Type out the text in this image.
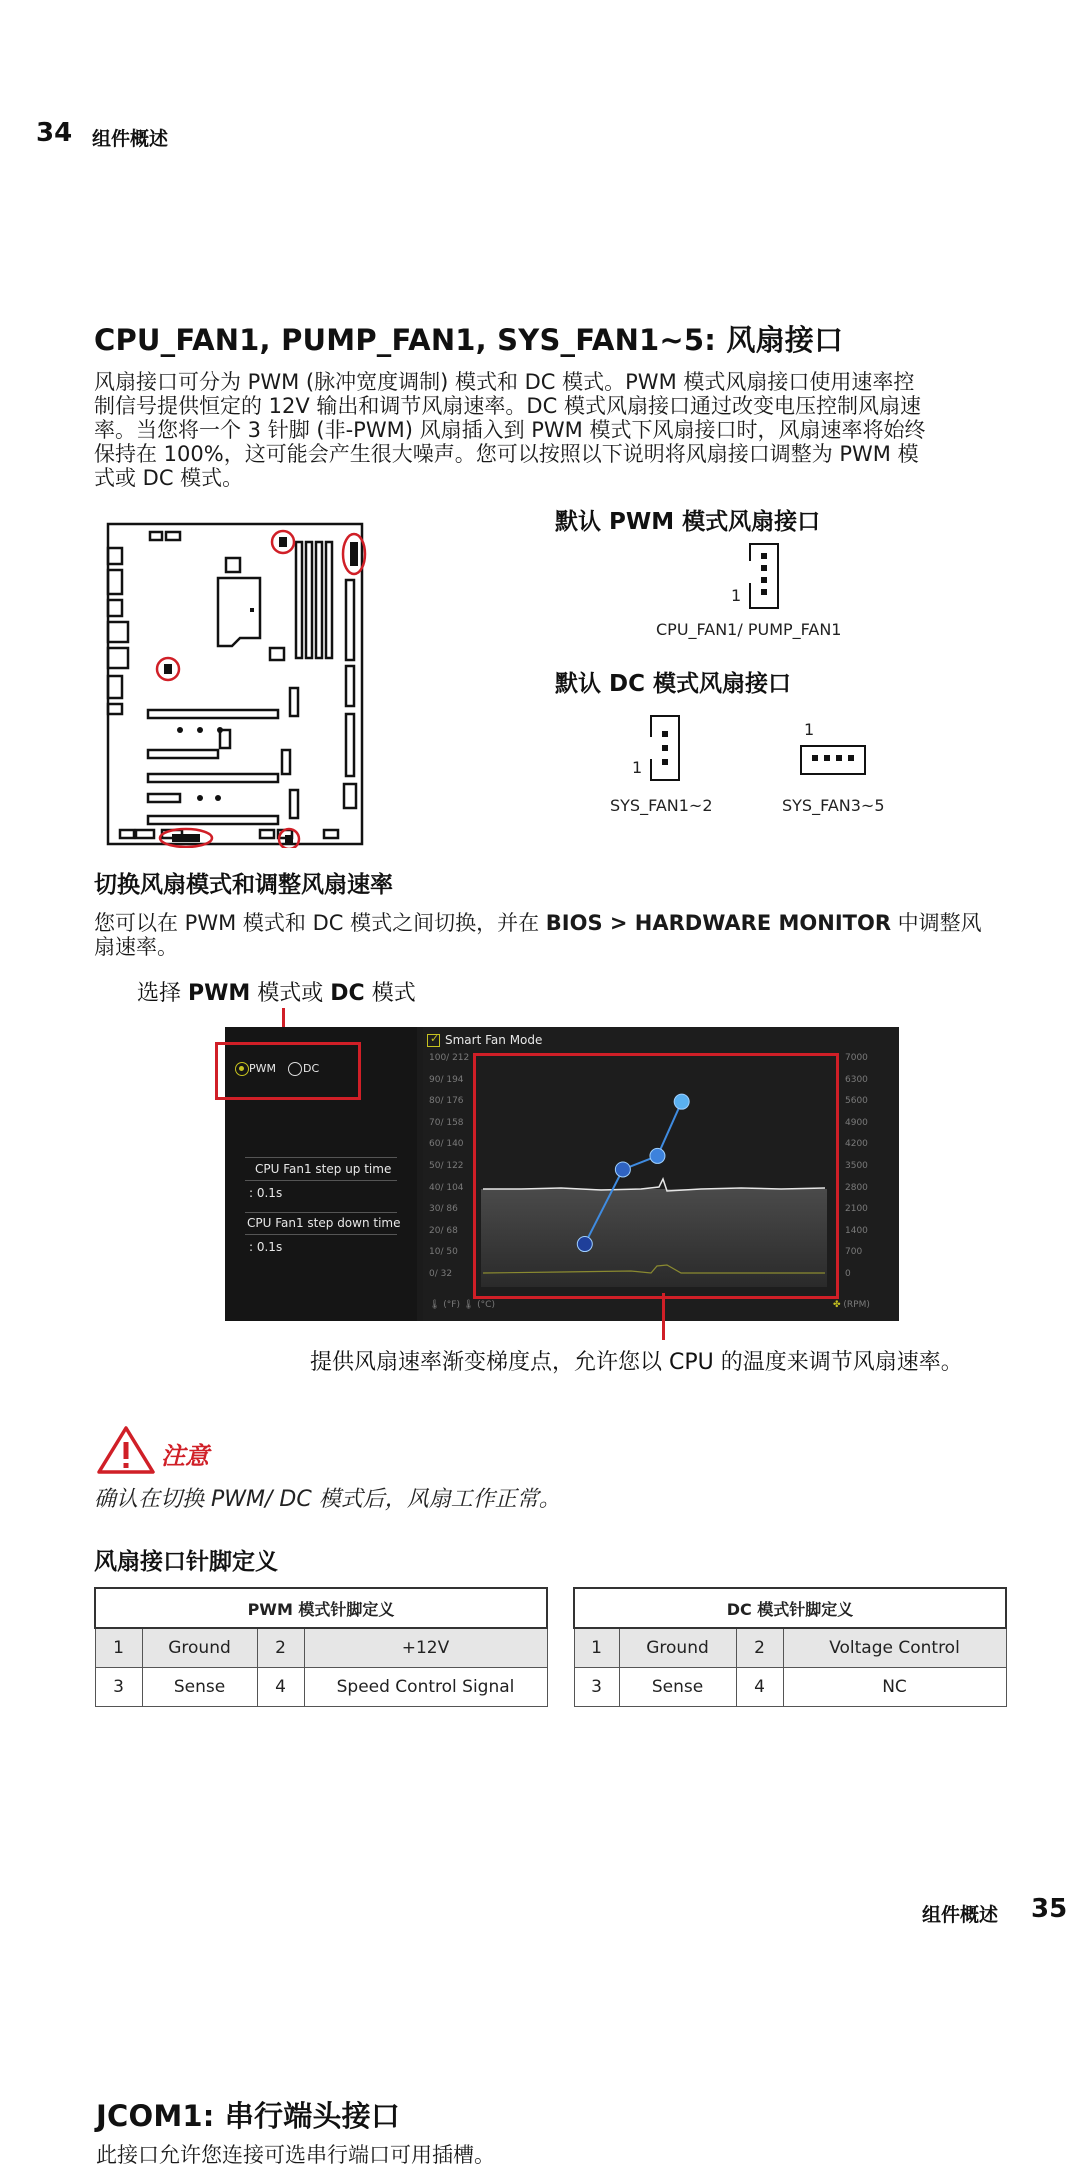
34 组件概述
CPU_FAN1, PUMP_FAN1, SYS_FAN1~5: 风扇接口
风扇接口可分为 PWM (脉冲宽度调制) 模式和 DC 模式。PWM 模式风扇接口使用速率控
制信号提供恒定的 12V 输出和调节风扇速率。DC 模式风扇接口通过改变电压控制风扇速
率。当您将一个 3 针脚 (非-PWM) 风扇插入到 PWM 模式下风扇接口时，风扇速率将始终
保持在 100%，这可能会产生很大噪声。您可以按照以下说明将风扇接口调整为 PWM 模
式或 DC 模式。
默认 PWM 模式风扇接口
1
CPU_FAN1/ PUMP_FAN1
默认 DC 模式风扇接口
1
SYS_FAN1~2
1
SYS_FAN3~5
切换风扇模式和调整风扇速率
您可以在 PWM 模式和 DC 模式之间切换，并在 BIOS > HARDWARE MONITOR 中调整风
扇速率。
选择 PWM 模式或 DC 模式
PWM DC
CPU Fan1 step up time
: 0.1s
CPU Fan1 step down time
: 0.1s
✓ Smart Fan Mode
100/ 212
90/ 194
80/ 176
70/ 158
60/ 140
50/ 122
40/ 104
30/ 86
20/ 68
10/ 50
0/ 32
7000
6300
5600
4900
4200
3500
2800
2100
1400
700
0
🌡 (°F) 🌡 (°C)	✤ (RPM)
提供风扇速率渐变梯度点，允许您以 CPU 的温度来调节风扇速率。
注意
确认在切换 PWM/ DC 模式后，风扇工作正常。
风扇接口针脚定义
PWM 模式针脚定义			
1	Ground	2	+12V
3	Sense	4	Speed Control Signal
DC 模式针脚定义			
1	Ground	2	Voltage Control
3	Sense	4	NC
组件概述 35
JCOM1: 串行端头接口
此接口允许您连接可选串行端口可用插槽。
